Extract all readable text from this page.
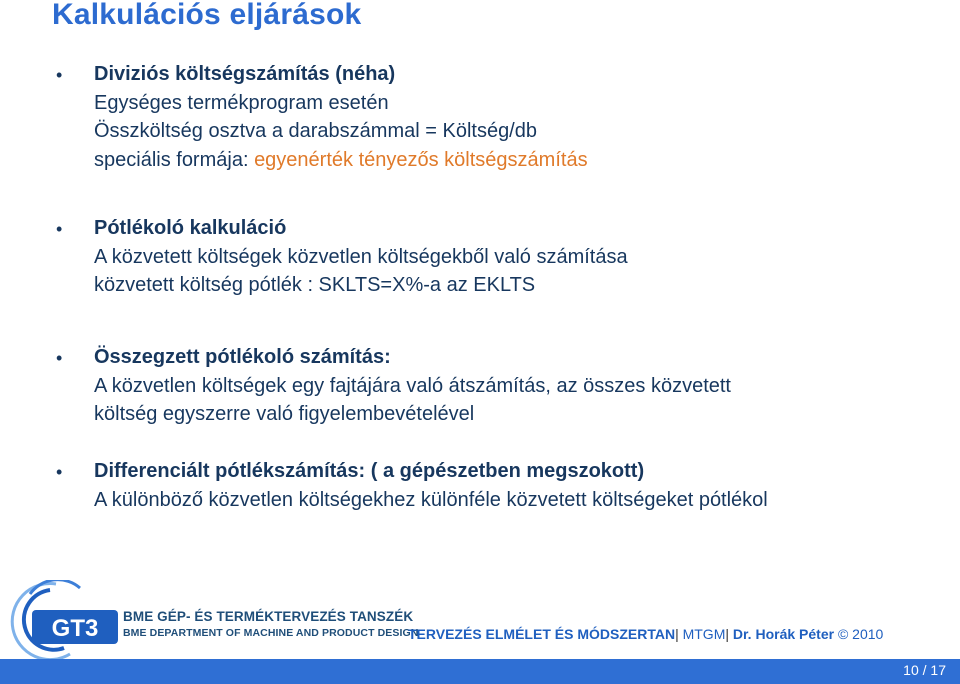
Kalkulációs eljárások
• Diviziós költségszámítás (néha)
Egységes termékprogram esetén
Összköltség osztva a darabszámmal = Költség/db
speciális formája: egyenérték tényezős költségszámítás
• Pótlékoló kalkuláció
A közvetett költségek közvetlen költségekből való számítása
közvetett költség pótlék : SKLTS=X%-a az EKLTS
• Összegzett pótlékoló számítás:
A közvetlen költségek egy fajtájára való átszámítás, az összes közvetett
költség egyszerre való figyelembevételével
• Differenciált pótlékszámítás: ( a gépészetben megszokott)
A különböző közvetlen költségekhez különféle közvetett költségeket pótlékol
GT3 BME GÉP- ÉS TERMÉKTERVEZÉS TANSZÉK
BME DEPARTMENT OF MACHINE AND PRODUCT DESIGN
TERVEZÉS ELMÉLET ÉS MÓDSZERTAN| MTGM| Dr. Horák Péter © 2010
10 / 17
